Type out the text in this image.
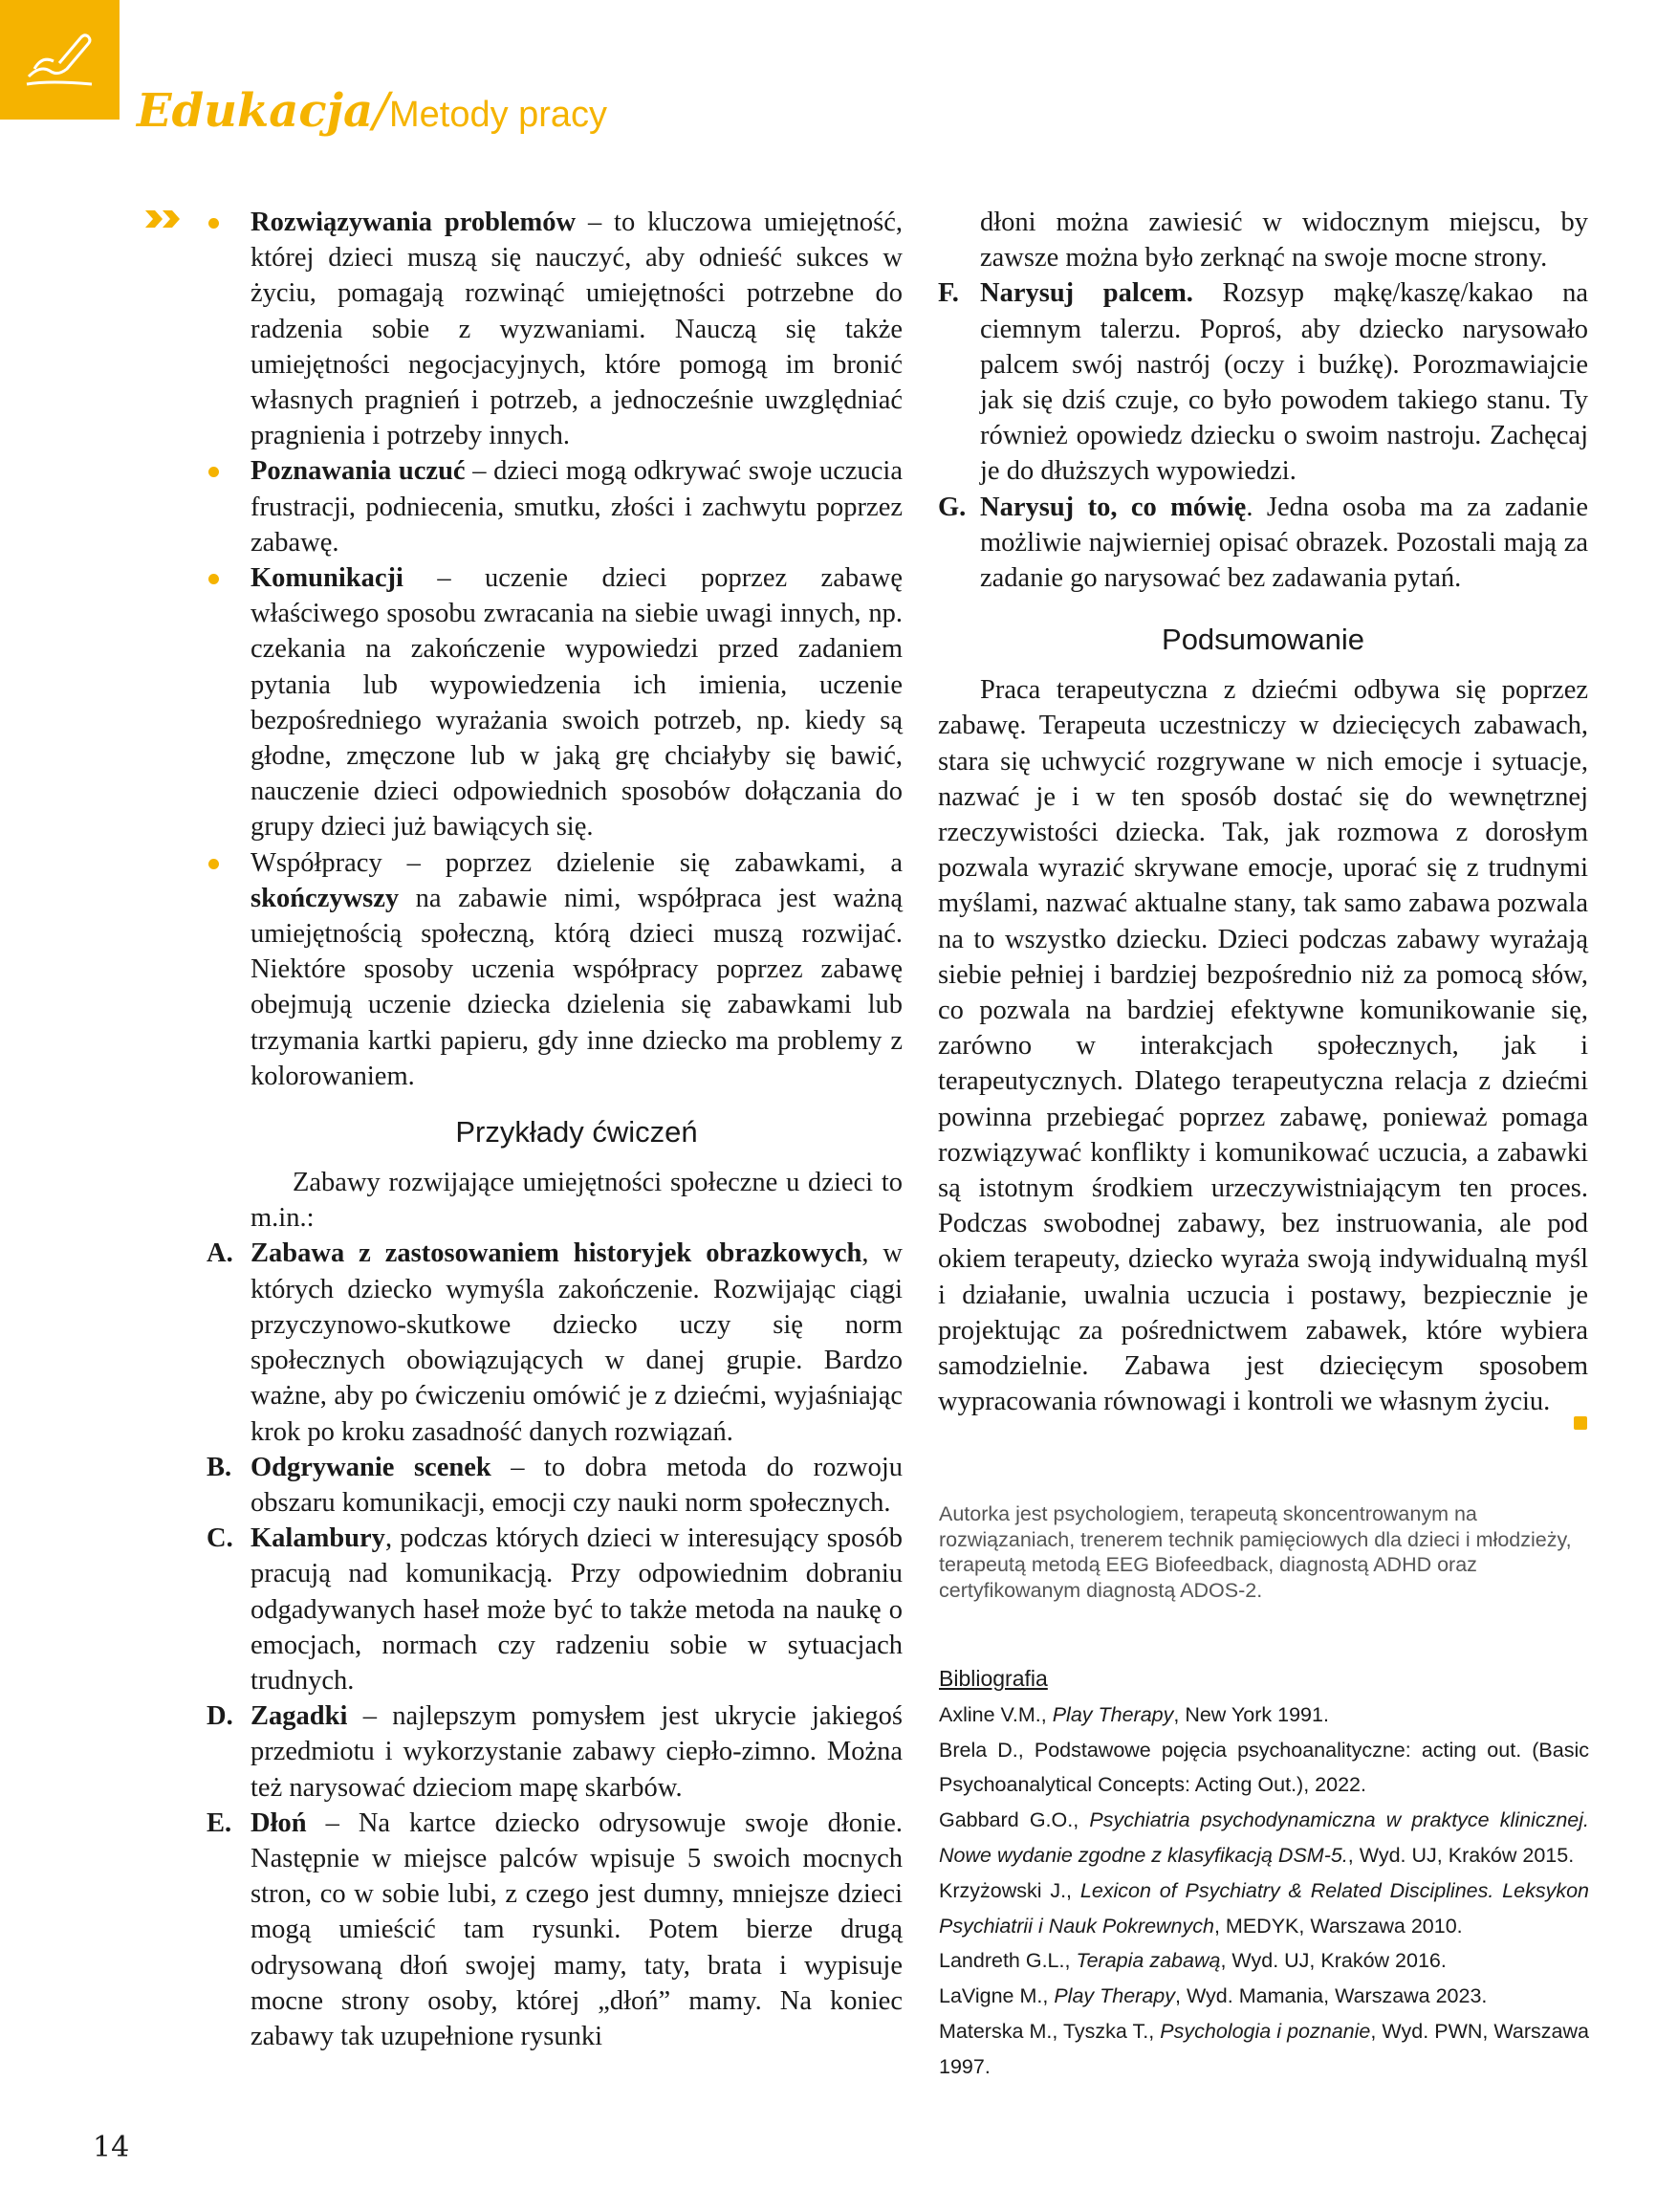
Edukacja/Metody pracy
Rozwiązywania problemów – to kluczowa umiejętność, której dzieci muszą się nauczyć, aby odnieść sukces w życiu, pomagają rozwinąć umiejętności potrzebne do radzenia sobie z wyzwaniami. Nauczą się także umiejętności negocjacyjnych, które pomogą im bronić własnych pragnień i potrzeb, a jednocześnie uwzględniać pragnienia i potrzeby innych.
Poznawania uczuć – dzieci mogą odkrywać swoje uczucia frustracji, podniecenia, smutku, złości i zachwytu poprzez zabawę.
Komunikacji – uczenie dzieci poprzez zabawę właściwego sposobu zwracania na siebie uwagi innych, np. czekania na zakończenie wypowiedzi przed zadaniem pytania lub wypowiedzenia ich imienia, uczenie bezpośredniego wyrażania swoich potrzeb, np. kiedy są głodne, zmęczone lub w jaką grę chciałyby się bawić, nauczenie dzieci odpowiednich sposobów dołączania do grupy dzieci już bawiących się.
Współpracy – poprzez dzielenie się zabawkami, a skończywszy na zabawie nimi, współpraca jest ważną umiejętnością społeczną, którą dzieci muszą rozwijać. Niektóre sposoby uczenia współpracy poprzez zabawę obejmują uczenie dziecka dzielenia się zabawkami lub trzymania kartki papieru, gdy inne dziecko ma problemy z kolorowaniem.
Przykłady ćwiczeń
Zabawy rozwijające umiejętności społeczne u dzieci to m.in.:
A. Zabawa z zastosowaniem historyjek obrazkowych, w których dziecko wymyśla zakończenie. Rozwijając ciągi przyczynowo-skutkowe dziecko uczy się norm społecznych obowiązujących w danej grupie. Bardzo ważne, aby po ćwiczeniu omówić je z dziećmi, wyjaśniając krok po kroku zasadność danych rozwiązań.
B. Odgrywanie scenek – to dobra metoda do rozwoju obszaru komunikacji, emocji czy nauki norm społecznych.
C. Kalambury, podczas których dzieci w interesujący sposób pracują nad komunikacją. Przy odpowiednim dobraniu odgadywanych haseł może być to także metoda na naukę o emocjach, normach czy radzeniu sobie w sytuacjach trudnych.
D. Zagadki – najlepszym pomysłem jest ukrycie jakiegoś przedmiotu i wykorzystanie zabawy ciepło-zimno. Można też narysować dzieciom mapę skarbów.
E. Dłoń – Na kartce dziecko odrysowuje swoje dłonie. Następnie w miejsce palców wpisuje 5 swoich mocnych stron, co w sobie lubi, z czego jest dumny, mniejsze dzieci mogą umieścić tam rysunki. Potem bierze drugą odrysowaną dłoń swojej mamy, taty, brata i wypisuje mocne strony osoby, której „dłoń” mamy. Na koniec zabawy tak uzupełnione rysunki
dłoni można zawiesić w widocznym miejscu, by zawsze można było zerknąć na swoje mocne strony.
F. Narysuj palcem. Rozsyp mąkę/kaszę/kakao na ciemnym talerzu. Poproś, aby dziecko narysowało palcem swój nastrój (oczy i buźkę). Porozmawiajcie jak się dziś czuje, co było powodem takiego stanu. Ty również opowiedz dziecku o swoim nastroju. Zachęcaj je do dłuższych wypowiedzi.
G. Narysuj to, co mówię. Jedna osoba ma za zadanie możliwie najwierniej opisać obrazek. Pozostali mają za zadanie go narysować bez zadawania pytań.
Podsumowanie
Praca terapeutyczna z dziećmi odbywa się poprzez zabawę. Terapeuta uczestniczy w dziecięcych zabawach, stara się uchwycić rozgrywane w nich emocje i sytuacje, nazwać je i w ten sposób dostać się do wewnętrznej rzeczywistości dziecka. Tak, jak rozmowa z dorosłym pozwala wyrazić skrywane emocje, uporać się z trudnymi myślami, nazwać aktualne stany, tak samo zabawa pozwala na to wszystko dziecku. Dzieci podczas zabawy wyrażają siebie pełniej i bardziej bezpośrednio niż za pomocą słów, co pozwala na bardziej efektywne komunikowanie się, zarówno w interakcjach społecznych, jak i terapeutycznych. Dlatego terapeutyczna relacja z dziećmi powinna przebiegać poprzez zabawę, ponieważ pomaga rozwiązywać konflikty i komunikować uczucia, a zabawki są istotnym środkiem urzeczywistniającym ten proces. Podczas swobodnej zabawy, bez instruowania, ale pod okiem terapeuty, dziecko wyraża swoją indywidualną myśl i działanie, uwalnia uczucia i postawy, bezpiecznie je projektując za pośrednictwem zabawek, które wybiera samodzielnie. Zabawa jest dziecięcym sposobem wypracowania równowagi i kontroli we własnym życiu.
Autorka jest psychologiem, terapeutą skoncentrowanym na rozwiązaniach, trenerem technik pamięciowych dla dzieci i młodzieży, terapeutą metodą EEG Biofeedback, diagnostą ADHD oraz certyfikowanym diagnostą ADOS-2.
Bibliografia
Axline V.M., Play Therapy, New York 1991.
Brela D., Podstawowe pojęcia psychoanalityczne: acting out. (Basic Psychoanalytical Concepts: Acting Out.), 2022.
Gabbard G.O., Psychiatria psychodynamiczna w praktyce klinicznej. Nowe wydanie zgodne z klasyfikacją DSM-5., Wyd. UJ, Kraków 2015.
Krzyżowski J., Lexicon of Psychiatry & Related Disciplines. Leksykon Psychiatrii i Nauk Pokrewnych, MEDYK, Warszawa 2010.
Landreth G.L., Terapia zabawą, Wyd. UJ, Kraków 2016.
LaVigne M., Play Therapy, Wyd. Mamania, Warszawa 2023.
Materska M., Tyszka T., Psychologia i poznanie, Wyd. PWN, Warszawa 1997.
14
